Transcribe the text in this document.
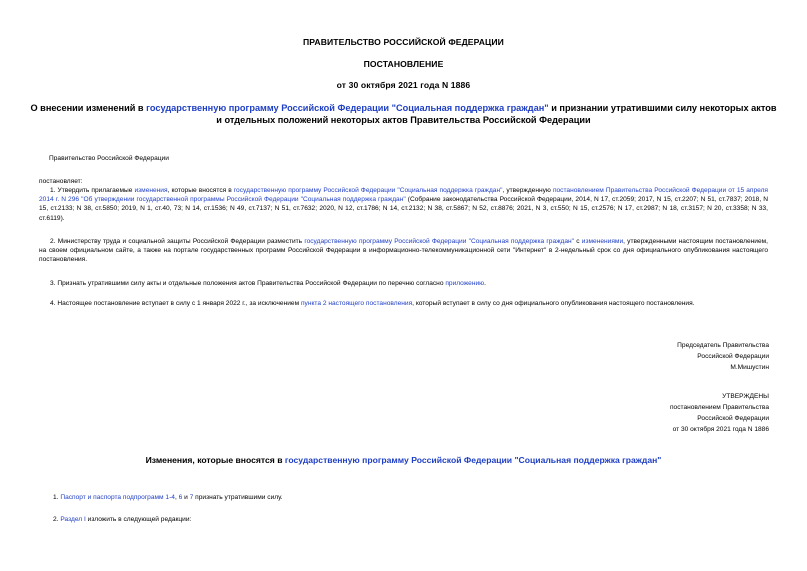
ПРАВИТЕЛЬСТВО РОССИЙСКОЙ ФЕДЕРАЦИИ
ПОСТАНОВЛЕНИЕ
от 30 октября 2021 года N 1886
О внесении изменений в государственную программу Российской Федерации "Социальная поддержка граждан" и признании утратившими силу некоторых актов и отдельных положений некоторых актов Правительства Российской Федерации
Правительство Российской Федерации
постановляет:
1. Утвердить прилагаемые изменения, которые вносятся в государственную программу Российской Федерации "Социальная поддержка граждан", утвержденную постановлением Правительства Российской Федерации от 15 апреля 2014 г. N 296 "Об утверждении государственной программы Российской Федерации "Социальная поддержка граждан" (Собрание законодательства Российской Федерации, 2014, N 17, ст.2059; 2017, N 15, ст.2207; N 51, ст.7837; 2018, N 15, ст.2133; N 38, ст.5850; 2019, N 1, ст.40, 73; N 14, ст.1536; N 49, ст.7137; N 51, ст.7632; 2020, N 12, ст.1786; N 14, ст.2132; N 38, ст.5867; N 52, ст.8876; 2021, N 3, ст.550; N 15, ст.2576; N 17, ст.2987; N 18, ст.3157; N 20, ст.3358; N 33, ст.6119).
2. Министерству труда и социальной защиты Российской Федерации разместить государственную программу Российской Федерации "Социальная поддержка граждан" с изменениями, утвержденными настоящим постановлением, на своем официальном сайте, а также на портале государственных программ Российской Федерации в информационно-телекоммуникационной сети "Интернет" в 2-недельный срок со дня официального опубликования настоящего постановления.
3. Признать утратившими силу акты и отдельные положения актов Правительства Российской Федерации по перечню согласно приложению.
4. Настоящее постановление вступает в силу с 1 января 2022 г., за исключением пункта 2 настоящего постановления, который вступает в силу со дня официального опубликования настоящего постановления.
Председатель Правительства
Российской Федерации
М.Мишустин
УТВЕРЖДЕНЫ
постановлением Правительства
Российской Федерации
от 30 октября 2021 года N 1886
Изменения, которые вносятся в государственную программу Российской Федерации "Социальная поддержка граждан"
1. Паспорт и паспорта подпрограмм 1-4, 6 и 7 признать утратившими силу.
2. Раздел I изложить в следующей редакции:
